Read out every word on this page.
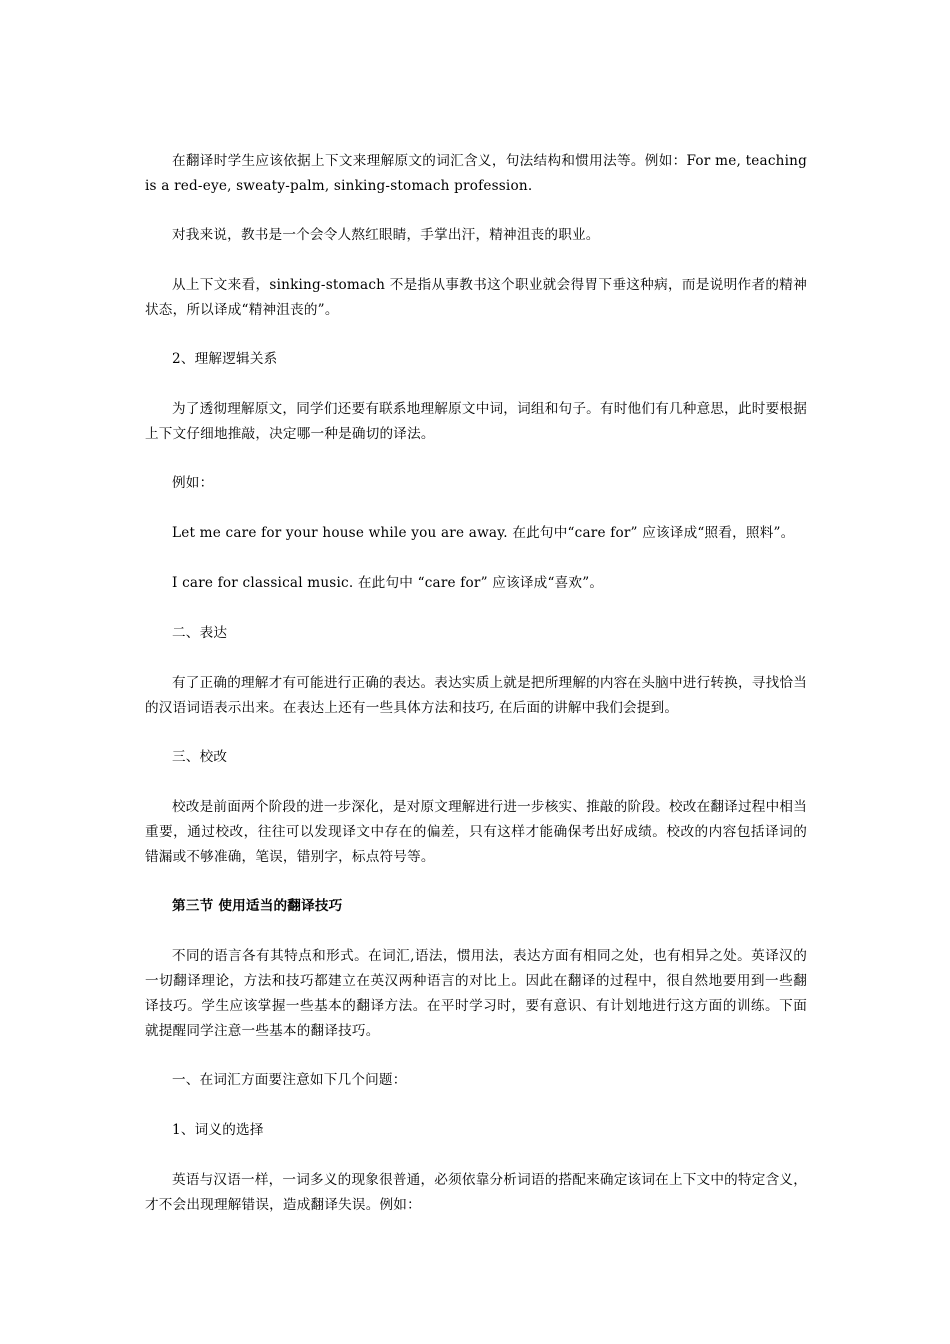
在翻译时学生应该依据上下文来理解原文的词汇含义，句法结构和惯用法等。例如：For me, teaching is a red-eye, sweaty-palm, sinking-stomach profession.

对我来说，教书是一个会令人熬红眼睛，手掌出汗，精神沮丧的职业。

从上下文来看，sinking-stomach 不是指从事教书这个职业就会得胃下垂这种病，而是说明作者的精神状态，所以译成“精神沮丧的”。

2、理解逻辑关系

为了透彻理解原文，同学们还要有联系地理解原文中词，词组和句子。有时他们有几种意思，此时要根据上下文仔细地推敲，决定哪一种是确切的译法。

例如：

Let me care for your house while you are away. 在此句中“care for” 应该译成“照看，照料”。

I care for classical music. 在此句中 “care for” 应该译成“喜欢”。

二、表达

有了正确的理解才有可能进行正确的表达。表达实质上就是把所理解的内容在头脑中进行转换，寻找恰当的汉语词语表示出来。在表达上还有一些具体方法和技巧, 在后面的讲解中我们会提到。

三、校改

校改是前面两个阶段的进一步深化，是对原文理解进行进一步核实、推敲的阶段。校改在翻译过程中相当重要，通过校改，往往可以发现译文中存在的偏差，只有这样才能确保考出好成绩。校改的内容包括译词的错漏或不够准确，笔误，错别字，标点符号等。

第三节 使用适当的翻译技巧

不同的语言各有其特点和形式。在词汇,语法，惯用法，表达方面有相同之处，也有相异之处。英译汉的一切翻译理论，方法和技巧都建立在英汉两种语言的对比上。因此在翻译的过程中，很自然地要用到一些翻译技巧。学生应该掌握一些基本的翻译方法。在平时学习时，要有意识、有计划地进行这方面的训练。下面就提醒同学注意一些基本的翻译技巧。

一、在词汇方面要注意如下几个问题：

1、词义的选择

英语与汉语一样，一词多义的现象很普通，必须依靠分析词语的搭配来确定该词在上下文中的特定含义，才不会出现理解错误，造成翻译失误。例如：
